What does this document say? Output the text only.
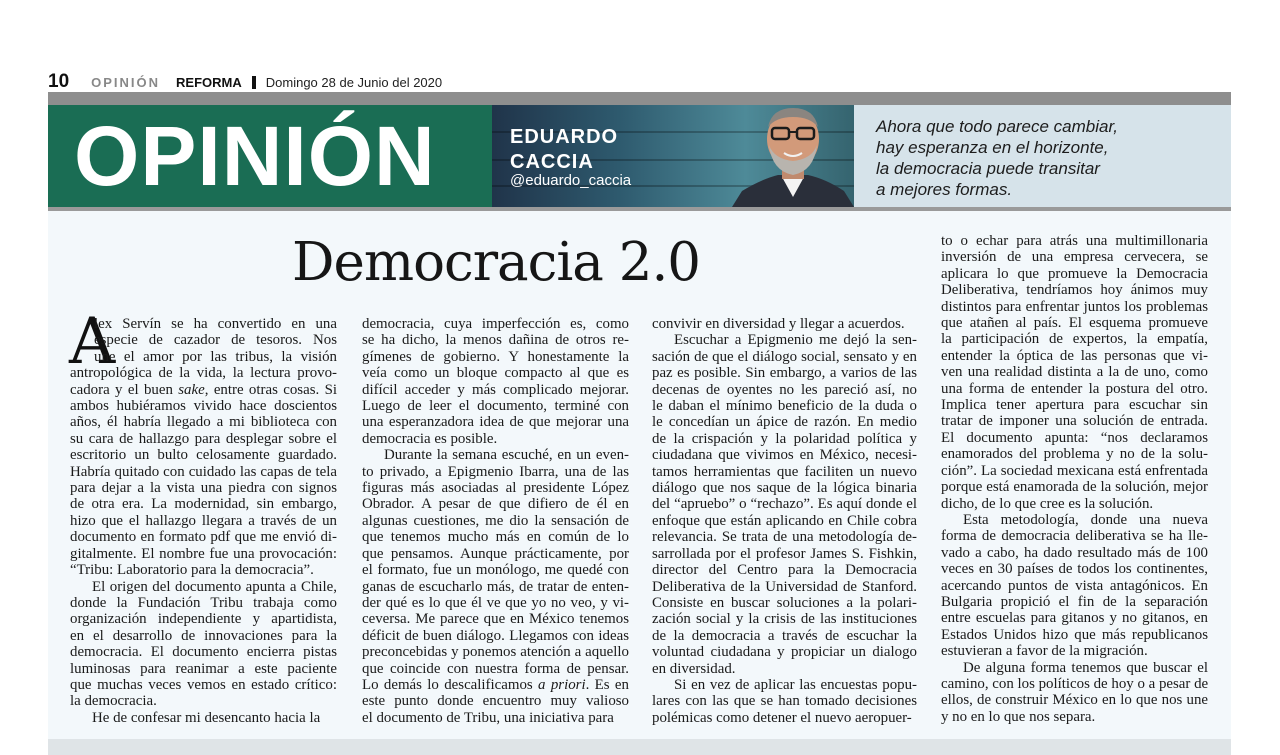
10 OPINIÓN REFORMA Domingo 28 de Junio del 2020
OPINIÓN	EDUARDO
CACCIA
@eduardo_caccia
Ahora que todo parece cambiar,
hay esperanza en el horizonte,
la democracia puede transitar
a mejores formas.
Democracia 2.0
A

lex Servín se ha convertido en una

especie de cazador de tesoros. Nos

une el amor por las tribus, la visión

antropológica de la vida, la lectura provo-

cadora y el buen sake, entre otras cosas. Si

ambos hubiéramos vivido hace doscientos

años, él habría llegado a mi biblioteca con

su cara de hallazgo para desplegar sobre el

escritorio un bulto celosamente guardado.

Habría quitado con cuidado las capas de tela

para dejar a la vista una piedra con signos

de otra era. La modernidad, sin embargo,

hizo que el hallazgo llegara a través de un

documento en formato pdf que me envió di-

gitalmente. El nombre fue una provocación:

“Tribu: Laboratorio para la democracia”.

El origen del documento apunta a Chile,

donde la Fundación Tribu trabaja como

organización independiente y apartidista,

en el desarrollo de innovaciones para la

democracia. El documento encierra pistas

luminosas para reanimar a este paciente

que muchas veces vemos en estado crítico:

la democracia.

He de confesar mi desencanto hacia la

democracia, cuya imperfección es, como

se ha dicho, la menos dañina de otros re-

gímenes de gobierno. Y honestamente la

veía como un bloque compacto al que es

difícil acceder y más complicado mejorar.

Luego de leer el documento, terminé con

una esperanzadora idea de que mejorar una

democracia es posible.

Durante la semana escuché, en un even-

to privado, a Epigmenio Ibarra, una de las

figuras más asociadas al presidente López

Obrador. A pesar de que difiero de él en

algunas cuestiones, me dio la sensación de

que tenemos mucho más en común de lo

que pensamos. Aunque prácticamente, por

el formato, fue un monólogo, me quedé con

ganas de escucharlo más, de tratar de enten-

der qué es lo que él ve que yo no veo, y vi-

ceversa. Me parece que en México tenemos

déficit de buen diálogo. Llegamos con ideas

preconcebidas y ponemos atención a aquello

que coincide con nuestra forma de pensar.

Lo demás lo descalificamos a priori. Es en

este punto donde encuentro muy valioso

el documento de Tribu, una iniciativa para

convivir en diversidad y llegar a acuerdos.

Escuchar a Epigmenio me dejó la sen-

sación de que el diálogo social, sensato y en

paz es posible. Sin embargo, a varios de las

decenas de oyentes no les pareció así, no

le daban el mínimo beneficio de la duda o

le concedían un ápice de razón. En medio

de la crispación y la polaridad política y

ciudadana que vivimos en México, necesi-

tamos herramientas que faciliten un nuevo

diálogo que nos saque de la lógica binaria

del “apruebo” o “rechazo”. Es aquí donde el

enfoque que están aplicando en Chile cobra

relevancia. Se trata de una metodología de-

sarrollada por el profesor James S. Fishkin,

director del Centro para la Democracia

Deliberativa de la Universidad de Stanford.

Consiste en buscar soluciones a la polari-

zación social y la crisis de las instituciones

de la democracia a través de escuchar la

voluntad ciudadana y propiciar un dialogo

en diversidad.

Si en vez de aplicar las encuestas popu-

lares con las que se han tomado decisiones

polémicas como detener el nuevo aeropuer-

to o echar para atrás una multimillonaria

inversión de una empresa cervecera, se

aplicara lo que promueve la Democracia

Deliberativa, tendríamos hoy ánimos muy

distintos para enfrentar juntos los problemas

que atañen al país. El esquema promueve

la participación de expertos, la empatía,

entender la óptica de las personas que vi-

ven una realidad distinta a la de uno, como

una forma de entender la postura del otro.

Implica tener apertura para escuchar sin

tratar de imponer una solución de entrada.

El documento apunta: “nos declaramos

enamorados del problema y no de la solu-

ción”. La sociedad mexicana está enfrentada

porque está enamorada de la solución, mejor

dicho, de lo que cree es la solución.

Esta metodología, donde una nueva

forma de democracia deliberativa se ha lle-

vado a cabo, ha dado resultado más de 100

veces en 30 países de todos los continentes,

acercando puntos de vista antagónicos. En

Bulgaria propició el fin de la separación

entre escuelas para gitanos y no gitanos, en

Estados Unidos hizo que más republicanos

estuvieran a favor de la migración.

De alguna forma tenemos que buscar el

camino, con los políticos de hoy o a pesar de

ellos, de construir México en lo que nos une

y no en lo que nos separa.
